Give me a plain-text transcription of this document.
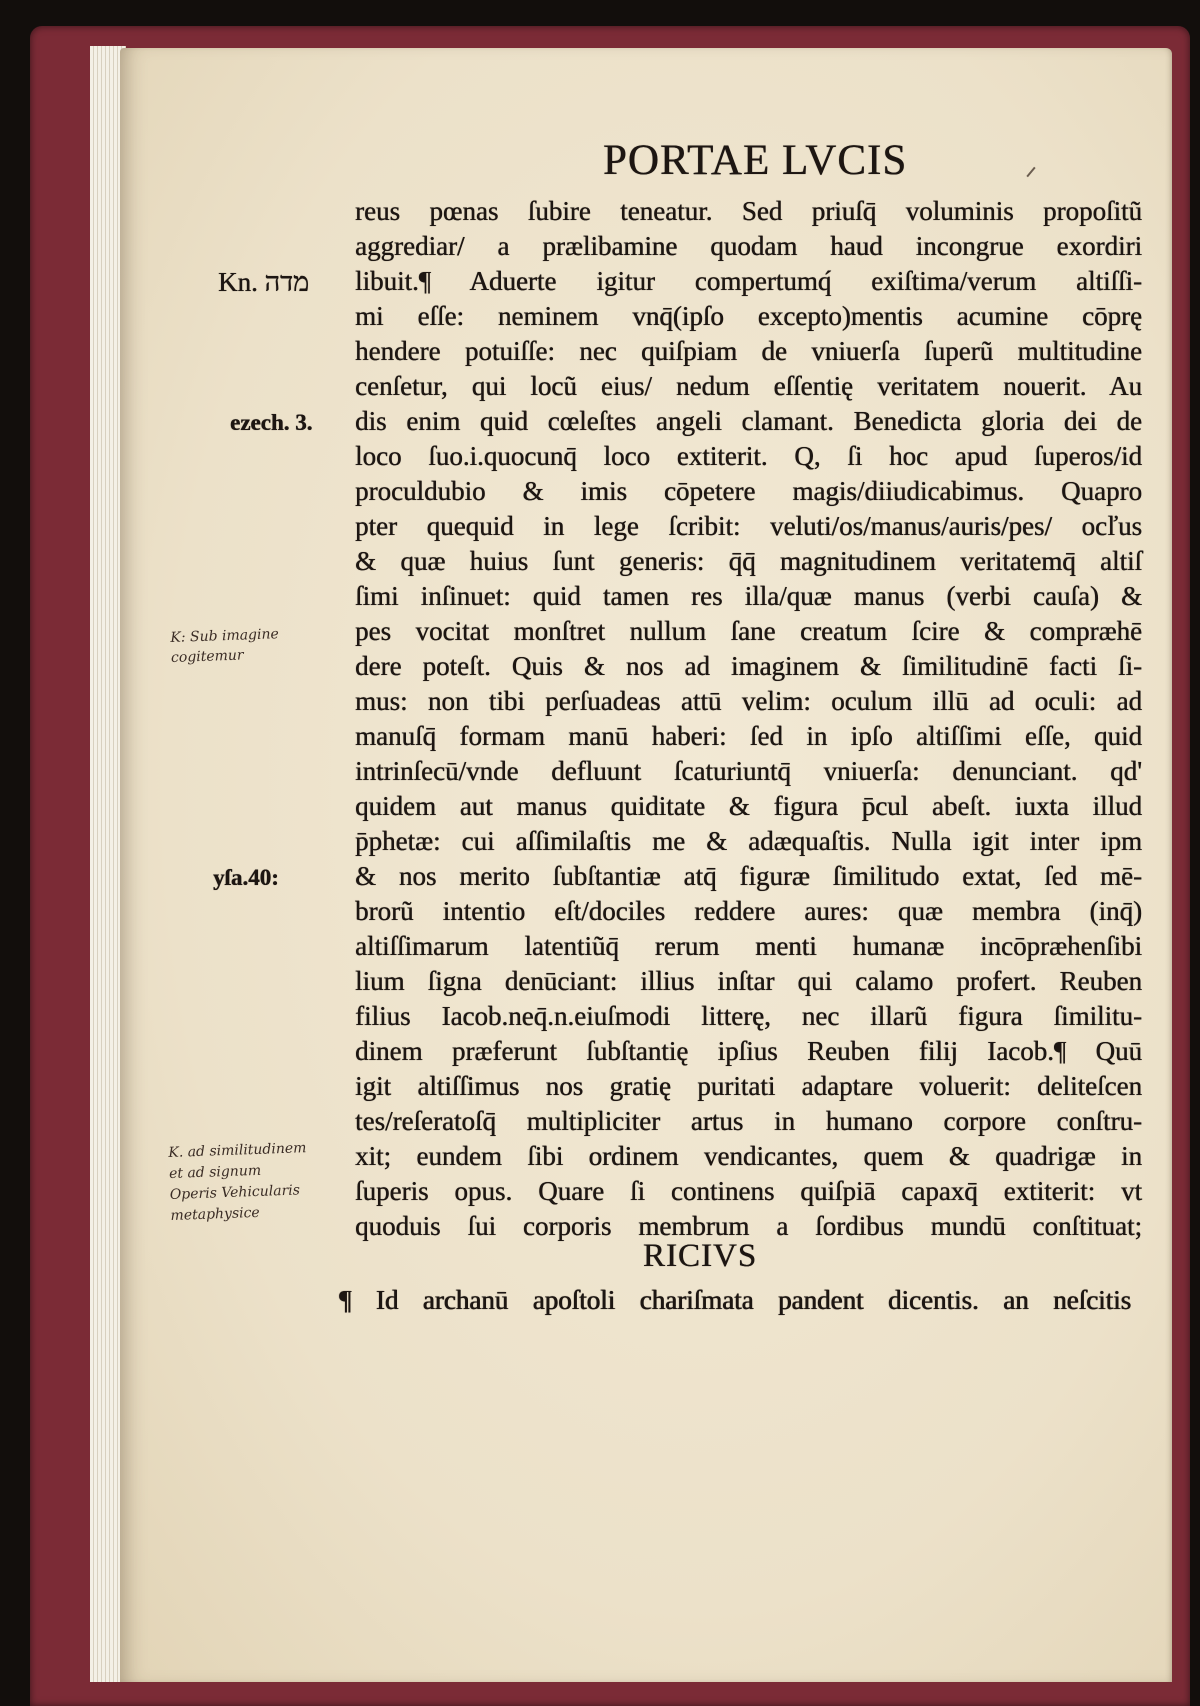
PORTAE LVCIS
reus pœnas ſubire teneatur. Sed priuſq̄ voluminis propoſitũ
aggrediar/ a prælibamine quodam haud incongrue exordiri
libuit.¶ Aduerte igitur compertumq́ exiſtima/verum altiſſi-
mi eſſe: neminem vnq̄(ipſo excepto)mentis acumine cōprę
hendere potuiſſe: nec quiſpiam de vniuerſa ſuperũ multitudine
cenſetur, qui locũ eius/ nedum eſſentię veritatem nouerit. Au
dis enim quid cœleſtes angeli clamant. Benedicta gloria dei de
loco ſuo.i.quocunq̄ loco extiterit. Q, ſi hoc apud ſuperos/id
proculdubio & imis cōpetere magis/diiudicabimus. Quapro
pter quequid in lege ſcribit: veluti/os/manus/auris/pes/ ocľus
& quæ huius ſunt generis: q̄q̄ magnitudinem veritatemq̄ altiſ
ſimi inſinuet: quid tamen res illa/quæ manus (verbi cauſa) &
pes vocitat monſtret nullum ſane creatum ſcire & compræhē
dere poteſt. Quis & nos ad imaginem & ſimilitudinē facti ſi-
mus: non tibi perſuadeas attū velim: oculum illū ad oculi: ad
manuſq̄ formam manū haberi: ſed in ipſo altiſſimi eſſe, quid
intrinſecū/vnde defluunt ſcaturiuntq̄ vniuerſa: denunciant. qd'
quidem aut manus quiditate & figura p̄cul abeſt. iuxta illud
p̄phetæ: cui aſſimilaſtis me & adæquaſtis. Nulla igit inter ipm
& nos merito ſubſtantiæ atq̄ figuræ ſimilitudo extat, ſed mē-
brorũ intentio eſt/dociles reddere aures: quæ membra (inq̄)
altiſſimarum latentiũq̄ rerum menti humanæ incōpræhenſibi
lium ſigna denūciant: illius inſtar qui calamo profert. Reuben
filius Iacob.neq̄.n.eiuſmodi litterę, nec illarũ figura ſimilitu-
dinem præferunt ſubſtantię ipſius Reuben filij Iacob.¶ Quū
igit altiſſimus nos gratię puritati adaptare voluerit: deliteſcen
tes/reſeratoſq̄ multipliciter artus in humano corpore conſtru-
xit; eundem ſibi ordinem vendicantes, quem & quadrigæ in
ſuperis opus. Quare ſi continens quiſpiā capaxq̄ extiterit: vt
quoduis ſui corporis membrum a ſordibus mundū conſtituat;
RICIVS
¶ Id archanū apoſtoli chariſmata pandent dicentis. an neſcitis
Kn. מדה
ezech. 3.
yſa.40:
K: Sub imagine
cogitemur
K. ad similitudinem
et ad signum
Operis Vehicularis
metaphysice
